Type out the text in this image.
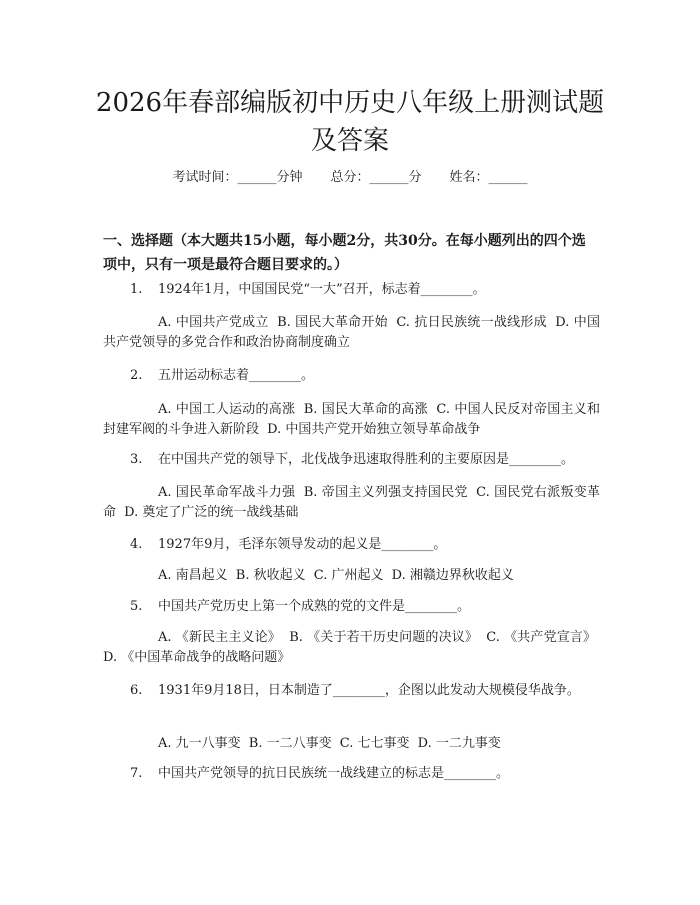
2026年春部编版初中历史八年级上册测试题
及答案
考试时间：______分钟 总分：______分 姓名：______
一、选择题（本大题共15小题，每小题2分，共30分。在每小题列出的四个选项中，只有一项是最符合题目要求的。）
1. 1924年1月，中国国民党“一大”召开，标志着________。
A. 中国共产党成立 B. 国民大革命开始 C. 抗日民族统一战线形成 D. 中国共产党领导的多党合作和政治协商制度确立
2. 五卅运动标志着________。
A. 中国工人运动的高涨 B. 国民大革命的高涨 C. 中国人民反对帝国主义和封建军阀的斗争进入新阶段 D. 中国共产党开始独立领导革命战争
3. 在中国共产党的领导下，北伐战争迅速取得胜利的主要原因是________。
A. 国民革命军战斗力强 B. 帝国主义列强支持国民党 C. 国民党右派叛变革命 D. 奠定了广泛的统一战线基础
4. 1927年9月，毛泽东领导发动的起义是________。
A. 南昌起义 B. 秋收起义 C. 广州起义 D. 湘赣边界秋收起义
5. 中国共产党历史上第一个成熟的党的文件是________。
A. 《新民主主义论》 B. 《关于若干历史问题的决议》 C. 《共产党宣言》 D. 《中国革命战争的战略问题》
6. 1931年9月18日，日本制造了________，企图以此发动大规模侵华战争。
A. 九一八事变 B. 一二八事变 C. 七七事变 D. 一二九事变
7. 中国共产党领导的抗日民族统一战线建立的标志是________。
